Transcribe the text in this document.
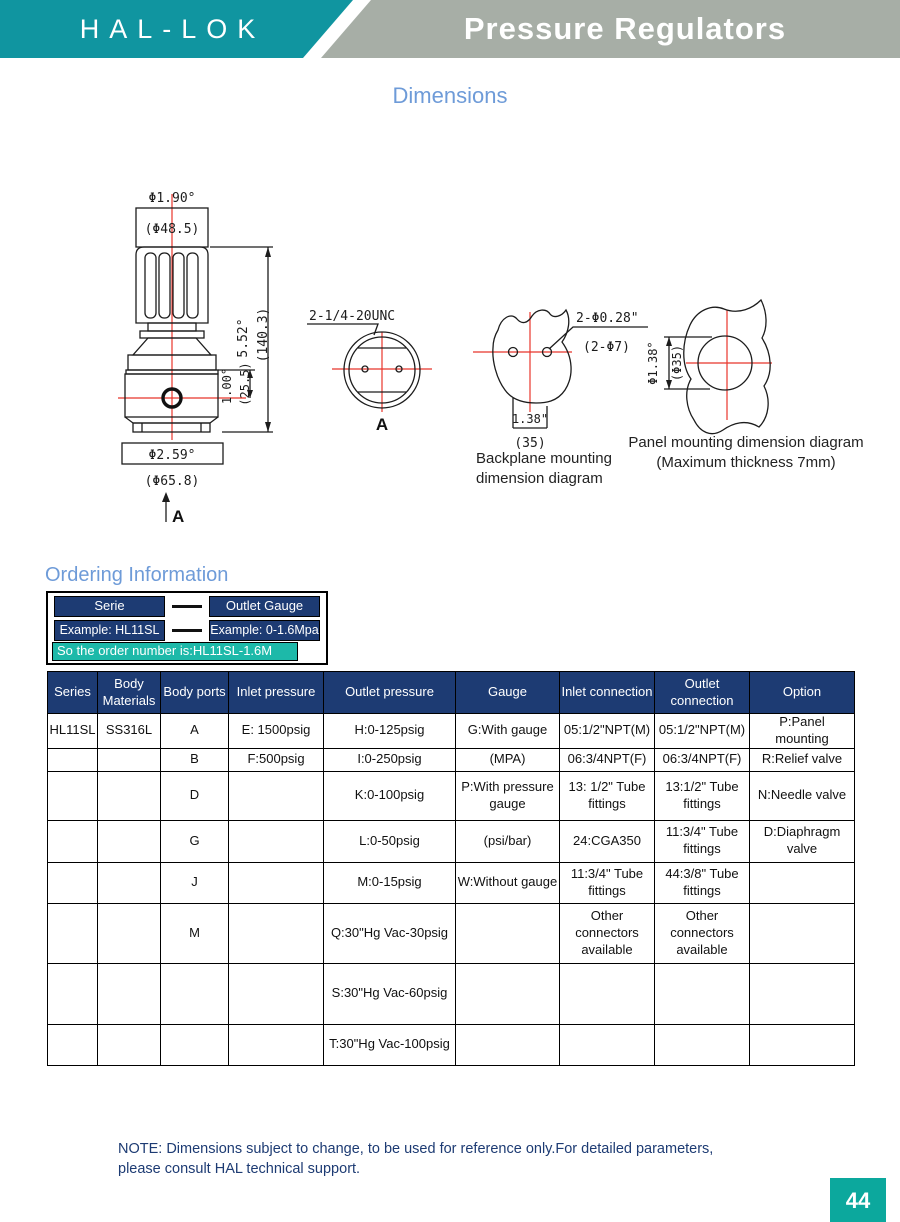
HAL-LOK	Pressure Regulators
Dimensions
Φ1.90°
(Φ48.5)
5.52° (140.3)
1.00° (25.5)
Φ2.59°
(Φ65.8)
A
2-1/4-20UNC
A
2-Φ0.28"
(2-Φ7)
1.38"
(35)
Backplane mounting
dimension diagram
Φ1.38° (Φ35)
Panel mounting dimension diagram
(Maximum thickness 7mm)
Ordering Information
Serie	Outlet Gauge
Example: HL11SL	Example: 0-1.6Mpa
So the order number is:HL11SL-1.6M
Series	Body Materials	Body ports	Inlet pressure	Outlet pressure	Gauge	Inlet connection	Outlet connection	Option
HL11SL	SS316L	A	E: 1500psig	H:0-125psig	G:With gauge	05:1/2"NPT(M)	05:1/2"NPT(M)	P:Panel mounting
		B	F:500psig	I:0-250psig	(MPA)	06:3/4NPT(F)	06:3/4NPT(F)	R:Relief valve
		D		K:0-100psig	P:With pressure gauge	13: 1/2" Tube fittings	13:1/2" Tube fittings	N:Needle valve
		G		L:0-50psig	(psi/bar)	24:CGA350	11:3/4" Tube fittings	D:Diaphragm valve
		J		M:0-15psig	W:Without gauge	11:3/4" Tube fittings	44:3/8" Tube fittings	
		M		Q:30"Hg Vac-30psig		Other connectors available	Other connectors available	
				S:30"Hg Vac-60psig				
				T:30"Hg Vac-100psig				
NOTE: Dimensions subject to change, to be used for reference only.For detailed parameters,
please consult HAL technical support.
44
